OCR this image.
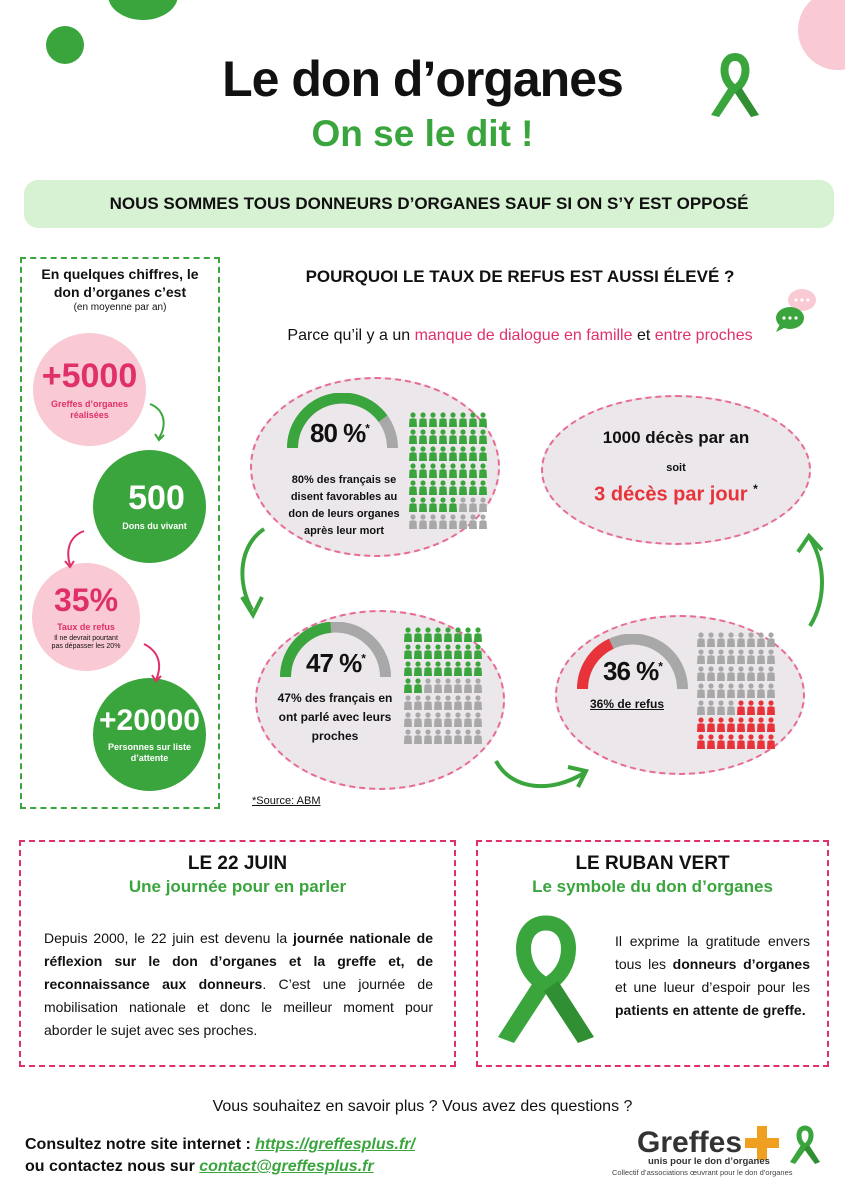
Le don d’organes
On se le dit !
NOUS SOMMES TOUS DONNEURS D’ORGANES SAUF SI ON S’Y EST OPPOSÉ
En quelques chiffres, le
don d’organes c’est
(en moyenne par an)
+5000
Greffes d’organes réalisées
500
Dons du vivant
35%
Taux de refus
Il ne devrait pourtant pas dépasser les 20%
+20000
Personnes sur liste d’attente
POURQUOI LE TAUX DE REFUS EST AUSSI ÉLEVÉ ?
Parce qu’il y a un manque de dialogue en famille et entre proches
80 %*
80% des français se disent favorables au don de leurs organes après leur mort
1000 décès par an
soit
3 décès par jour *
47 %*
47% des français en ont parlé avec leurs proches
36 %*
36% de refus
*Source: ABM
LE 22 JUIN
Une journée pour en parler
Depuis 2000, le 22 juin est devenu la journée nationale de réflexion sur le don d’organes et la greffe et, de reconnaissance aux donneurs. C’est une journée de mobilisation nationale et donc le meilleur moment pour aborder le sujet avec ses proches.
LE RUBAN VERT
Le symbole du don d’organes
Il exprime la gratitude envers tous les donneurs d’organes et une lueur d’espoir pour les patients en attente de greffe.
Vous souhaitez en savoir plus ? Vous avez des questions ?
Consultez notre site internet : https://greffesplus.fr/
ou contactez nous sur contact@greffesplus.fr
Greffes
unis pour le don d’organes
Collectif d’associations œuvrant pour le don d’organes
